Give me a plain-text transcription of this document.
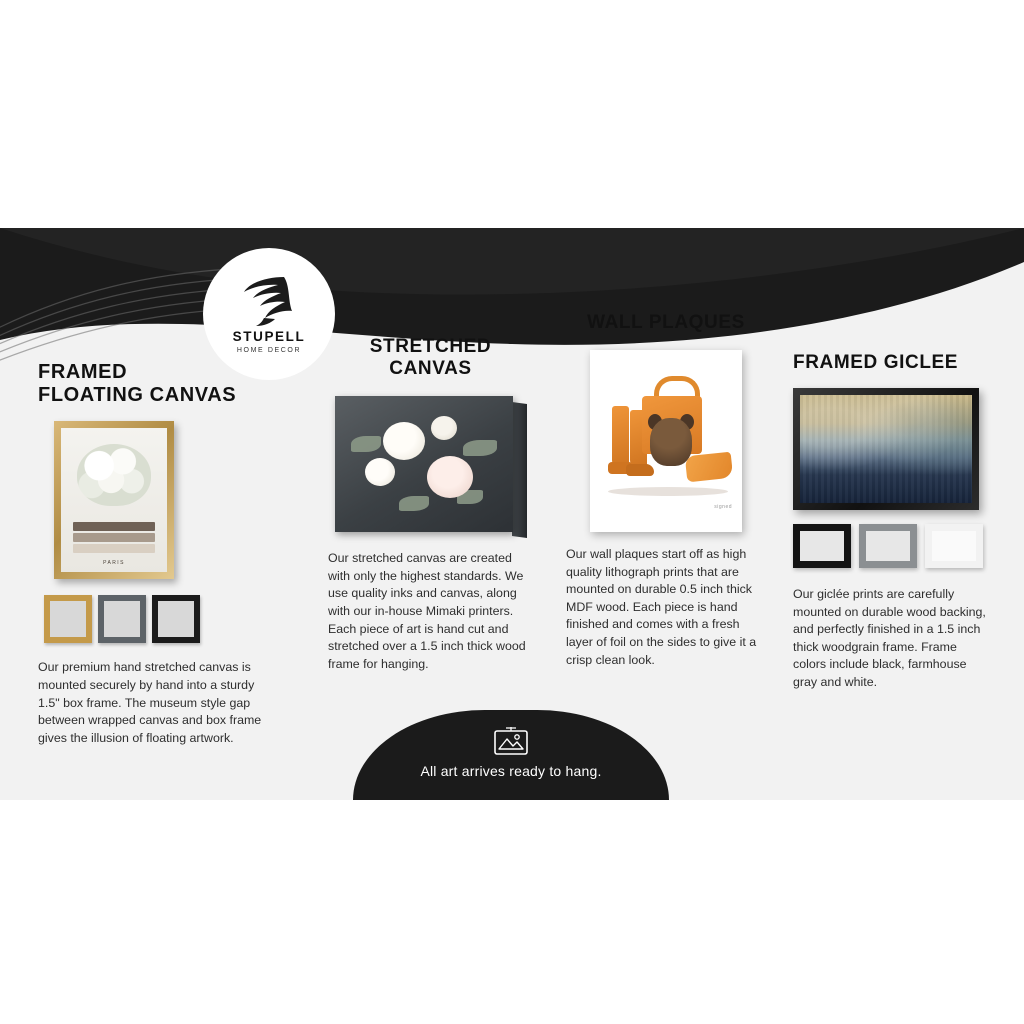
STUPELL
HOME DECOR
FRAMED
FLOATING CANVAS
PARIS
Our premium hand stretched canvas is mounted securely by hand into a sturdy 1.5" box frame. The museum style gap between wrapped canvas and box frame gives the illusion of floating artwork.
STRETCHED
CANVAS
Our stretched canvas are created with only the highest standards. We use quality inks and canvas, along with our in-house Mimaki printers. Each piece of art is hand cut and stretched over a 1.5 inch thick wood frame for hanging.
WALL PLAQUES
signed
Our wall plaques start off as high quality lithograph prints that are mounted on durable 0.5 inch thick MDF wood. Each piece is hand finished and comes with a fresh layer of foil on the sides to give it a crisp clean look.
FRAMED GICLEE
Our giclée prints are carefully mounted on durable wood backing, and perfectly finished in a 1.5 inch thick woodgrain frame. Frame colors include black, farmhouse gray and white.
All art arrives ready to hang.
